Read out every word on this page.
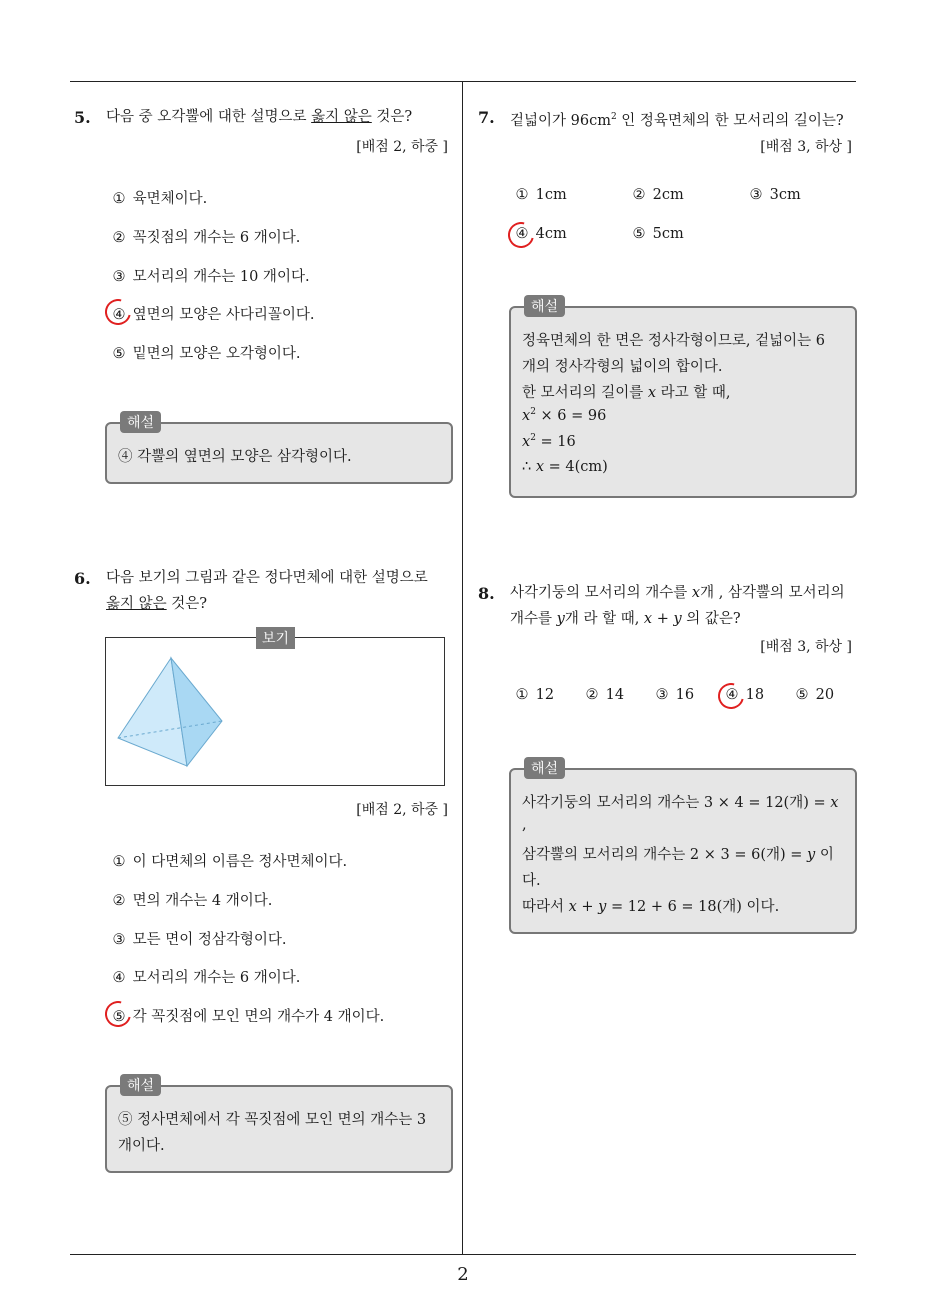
5. 다음 중 오각뿔에 대한 설명으로 옳지 않은 것은?
[배점 2, 하중 ]
① 육면체이다.
② 꼭짓점의 개수는 6 개이다.
③ 모서리의 개수는 10 개이다.
④ 옆면의 모양은 사다리꼴이다.
⑤ 밑면의 모양은 오각형이다.
해설
④ 각뿔의 옆면의 모양은 삼각형이다.
6. 다음 보기의 그림과 같은 정다면체에 대한 설명으로
옳지 않은 것은?
보기
[배점 2, 하중 ]
① 이 다면체의 이름은 정사면체이다.
② 면의 개수는 4 개이다.
③ 모든 면이 정삼각형이다.
④ 모서리의 개수는 6 개이다.
⑤ 각 꼭짓점에 모인 면의 개수가 4 개이다.
해설
⑤ 정사면체에서 각 꼭짓점에 모인 면의 개수는 3
개이다.
7. 겉넓이가 $96cm^2$ 인 정육면체의 한 모서리의 길이는?
[배점 3, 하상 ]
① 1cm	② 2cm	③ 3cm
④ 4cm	⑤ 5cm
해설
정육면체의 한 면은 정사각형이므로, 겉넓이는 6
개의 정사각형의 넓이의 합이다.
한 모서리의 길이를 x 라고 할 때,
$x^2 \times 6 = 96$
$x^2 = 16$
∴ x = 4(cm)
8. 사각기둥의 모서리의 개수를 x개 , 삼각뿔의 모서리의
개수를 y개 라 할 때, x + y 의 값은?
[배점 3, 하상 ]
① 12 ② 14 ③ 16 ④ 18 ⑤ 20
해설
사각기둥의 모서리의 개수는 3 × 4 = 12(개) = x
,
삼각뿔의 모서리의 개수는 2 × 3 = 6(개) = y 이
다.
따라서 x + y = 12 + 6 = 18(개) 이다.
2
